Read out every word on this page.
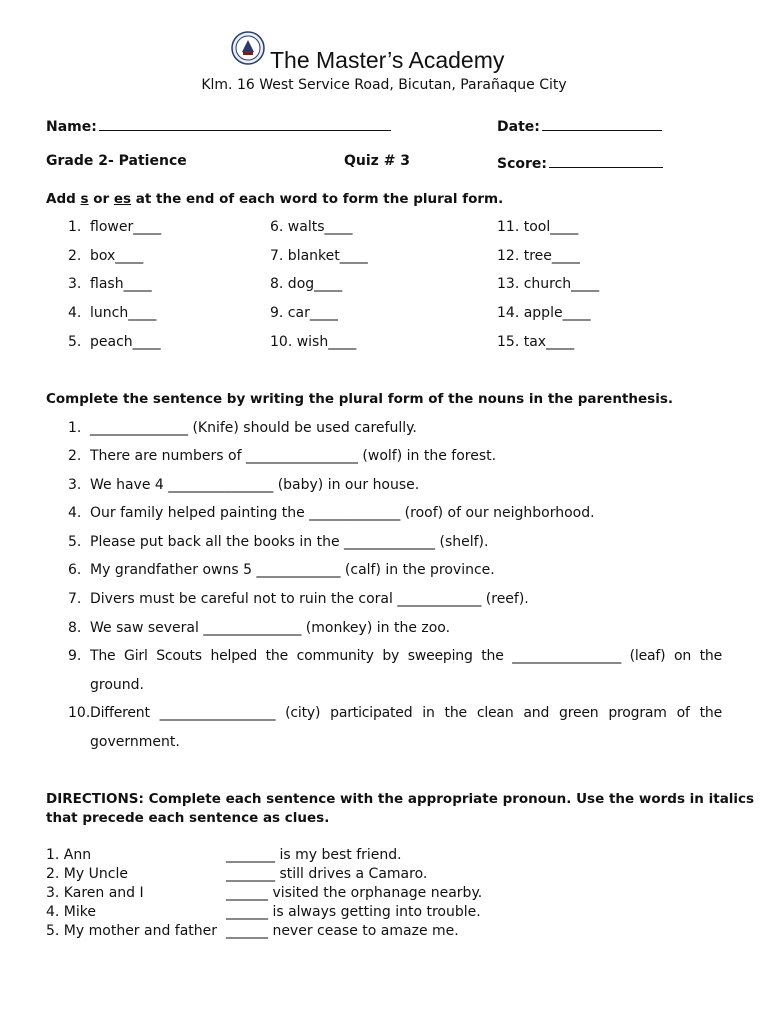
The Master’s Academy
Klm. 16 West Service Road, Bicutan, Parañaque City
Name:	Date:
Grade 2- Patience	Quiz # 3	Score:
Add s or es at the end of each word to form the plural form.
1. flower____
2. box____
3. flash____
4. lunch____
5. peach____
6. walts____
7. blanket____
8. dog____
9. car____
10. wish____
11. tool____
12. tree____
13. church____
14. apple____
15. tax____
Complete the sentence by writing the plural form of the nouns in the parenthesis.
1. ______________ (Knife) should be used carefully.
2. There are numbers of ________________ (wolf) in the forest.
3. We have 4 _______________ (baby) in our house.
4. Our family helped painting the _____________ (roof) of our neighborhood.
5. Please put back all the books in the _____________ (shelf).
6. My grandfather owns 5 ____________ (calf) in the province.
7. Divers must be careful not to ruin the coral ____________ (reef).
8. We saw several ______________ (monkey) in the zoo.
9. The Girl Scouts helped the community by sweeping the ________________ (leaf) on the
ground.
10. Different _________________ (city) participated in the clean and green program of the
government.
DIRECTIONS: Complete each sentence with the appropriate pronoun. Use the words in italics
that precede each sentence as clues.
1. Ann	_______ is my best friend.
2. My Uncle	_______ still drives a Camaro.
3. Karen and I	______ visited the orphanage nearby.
4. Mike	______ is always getting into trouble.
5. My mother and father ______ never cease to amaze me.
